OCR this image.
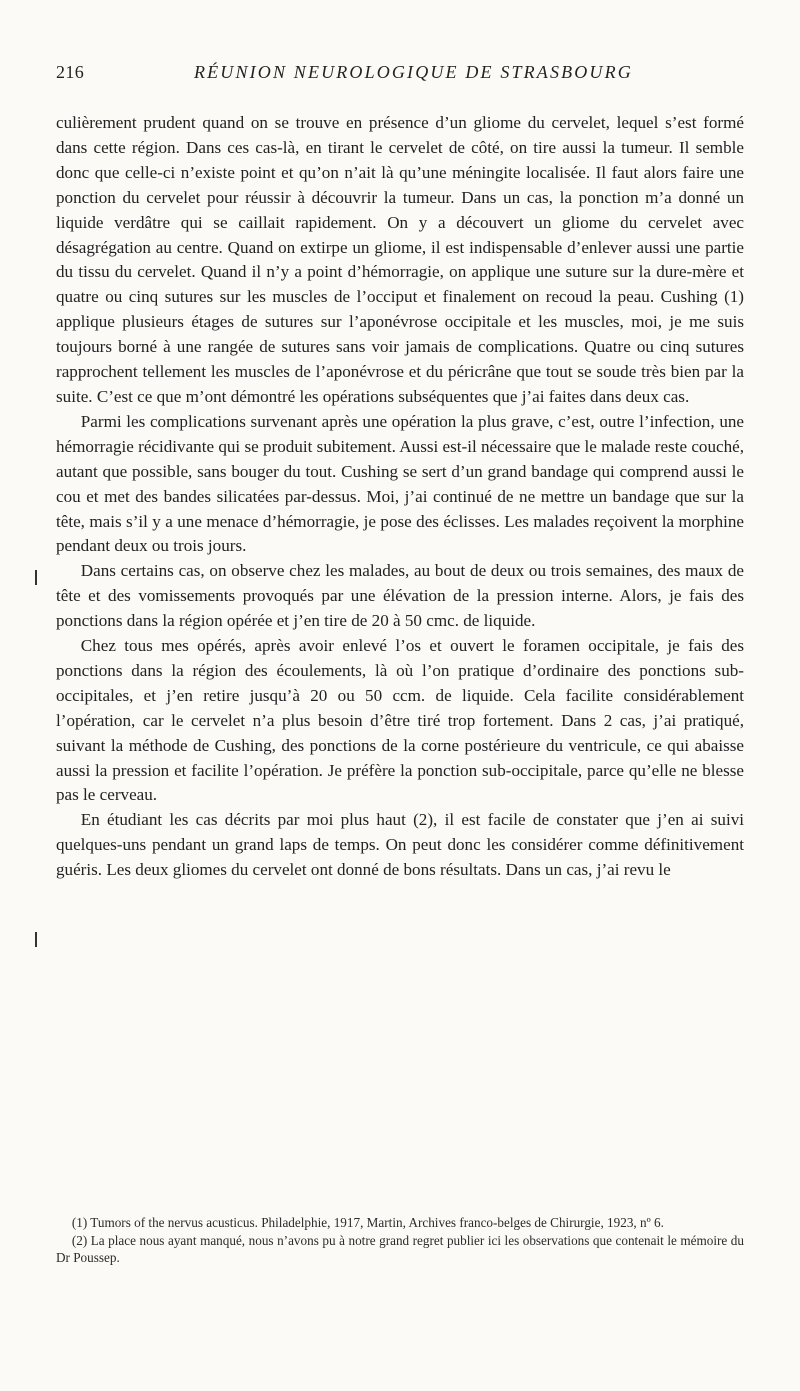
216	RÉUNION NEUROLOGIQUE DE STRASBOURG

culièrement prudent quand on se trouve en présence d’un gliome du cervelet, lequel s’est formé dans cette région. Dans ces cas-là, en tirant le cervelet de côté, on tire aussi la tumeur. Il semble donc que celle-ci n’existe point et qu’on n’ait là qu’une méningite localisée. Il faut alors faire une ponction du cervelet pour réussir à découvrir la tumeur. Dans un cas, la ponction m’a donné un liquide verdâtre qui se caillait rapidement. On y a découvert un gliome du cervelet avec désagrégation au centre. Quand on extirpe un gliome, il est indispensable d’enlever aussi une partie du tissu du cervelet. Quand il n’y a point d’hémorragie, on applique une suture sur la dure-mère et quatre ou cinq sutures sur les muscles de l’occiput et finalement on recoud la peau. Cushing (1) applique plusieurs étages de sutures sur l’aponévrose occipitale et les muscles, moi, je me suis toujours borné à une rangée de sutures sans voir jamais de complications. Quatre ou cinq sutures rapprochent tellement les muscles de l’aponévrose et du péricrâne que tout se soude très bien par la suite. C’est ce que m’ont démontré les opérations subséquentes que j’ai faites dans deux cas.

Parmi les complications survenant après une opération la plus grave, c’est, outre l’infection, une hémorragie récidivante qui se produit subitement. Aussi est-il nécessaire que le malade reste couché, autant que possible, sans bouger du tout. Cushing se sert d’un grand bandage qui comprend aussi le cou et met des bandes silicatées par-dessus. Moi, j’ai continué de ne mettre un bandage que sur la tête, mais s’il y a une menace d’hémorragie, je pose des éclisses. Les malades reçoivent la morphine pendant deux ou trois jours.

Dans certains cas, on observe chez les malades, au bout de deux ou trois semaines, des maux de tête et des vomissements provoqués par une élévation de la pression interne. Alors, je fais des ponctions dans la région opérée et j’en tire de 20 à 50 cmc. de liquide.

Chez tous mes opérés, après avoir enlevé l’os et ouvert le foramen occipitale, je fais des ponctions dans la région des écoulements, là où l’on pratique d’ordinaire des ponctions sub-occipitales, et j’en retire jusqu’à 20 ou 50 ccm. de liquide. Cela facilite considérablement l’opération, car le cervelet n’a plus besoin d’être tiré trop fortement. Dans 2 cas, j’ai pratiqué, suivant la méthode de Cushing, des ponctions de la corne postérieure du ventricule, ce qui abaisse aussi la pression et facilite l’opération. Je préfère la ponction sub-occipitale, parce qu’elle ne blesse pas le cerveau.

En étudiant les cas décrits par moi plus haut (2), il est facile de constater que j’en ai suivi quelques-uns pendant un grand laps de temps. On peut donc les considérer comme définitivement guéris. Les deux gliomes du cervelet ont donné de bons résultats. Dans un cas, j’ai revu le

(1) Tumors of the nervus acusticus. Philadelphie, 1917, Martin, Archives franco-belges de Chirurgie, 1923, nº 6.

(2) La place nous ayant manqué, nous n’avons pu à notre grand regret publier ici les observations que contenait le mémoire du Dr Poussep.
